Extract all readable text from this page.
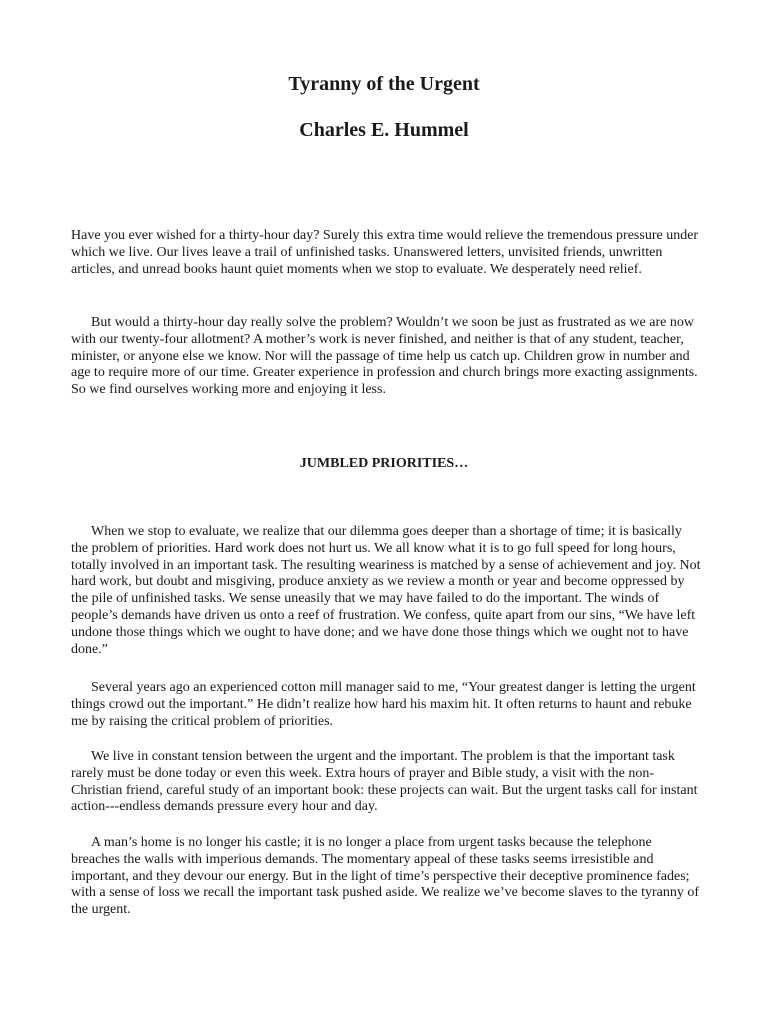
Tyranny of the Urgent
Charles E. Hummel

Have you ever wished for a thirty-hour day? Surely this extra time would relieve the tremendous pressure under which we live. Our lives leave a trail of unfinished tasks. Unanswered letters, unvisited friends, unwritten articles, and unread books haunt quiet moments when we stop to evaluate. We desperately need relief.

But would a thirty-hour day really solve the problem? Wouldn’t we soon be just as frustrated as we are now with our twenty-four allotment? A mother’s work is never finished, and neither is that of any student, teacher, minister, or anyone else we know. Nor will the passage of time help us catch up. Children grow in number and age to require more of our time. Greater experience in profession and church brings more exacting assignments. So we find ourselves working more and enjoying it less.

JUMBLED PRIORITIES…

When we stop to evaluate, we realize that our dilemma goes deeper than a shortage of time; it is basically the problem of priorities. Hard work does not hurt us. We all know what it is to go full speed for long hours, totally involved in an important task. The resulting weariness is matched by a sense of achievement and joy. Not hard work, but doubt and misgiving, produce anxiety as we review a month or year and become oppressed by the pile of unfinished tasks. We sense uneasily that we may have failed to do the important. The winds of people’s demands have driven us onto a reef of frustration. We confess, quite apart from our sins, “We have left undone those things which we ought to have done; and we have done those things which we ought not to have done.”

Several years ago an experienced cotton mill manager said to me, “Your greatest danger is letting the urgent things crowd out the important.” He didn’t realize how hard his maxim hit. It often returns to haunt and rebuke me by raising the critical problem of priorities.

We live in constant tension between the urgent and the important. The problem is that the important task rarely must be done today or even this week. Extra hours of prayer and Bible study, a visit with the non-Christian friend, careful study of an important book: these projects can wait. But the urgent tasks call for instant action---endless demands pressure every hour and day.

A man’s home is no longer his castle; it is no longer a place from urgent tasks because the telephone breaches the walls with imperious demands. The momentary appeal of these tasks seems irresistible and important, and they devour our energy. But in the light of time’s perspective their deceptive prominence fades; with a sense of loss we recall the important task pushed aside. We realize we’ve become slaves to the tyranny of the urgent.
